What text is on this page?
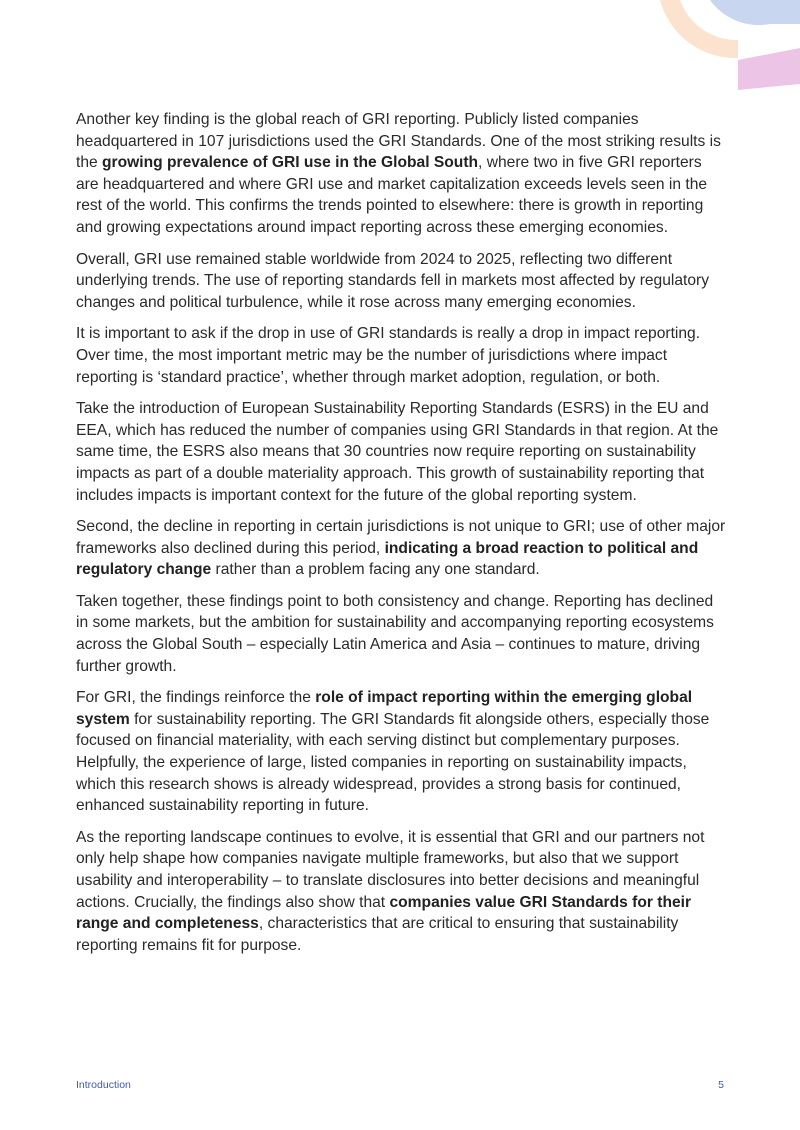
Another key finding is the global reach of GRI reporting. Publicly listed companies headquartered in 107 jurisdictions used the GRI Standards. One of the most striking results is the growing prevalence of GRI use in the Global South, where two in five GRI reporters are headquartered and where GRI use and market capitalization exceeds levels seen in the rest of the world. This confirms the trends pointed to elsewhere: there is growth in reporting and growing expectations around impact reporting across these emerging economies.

Overall, GRI use remained stable worldwide from 2024 to 2025, reflecting two different underlying trends. The use of reporting standards fell in markets most affected by regulatory changes and political turbulence, while it rose across many emerging economies.

It is important to ask if the drop in use of GRI standards is really a drop in impact reporting. Over time, the most important metric may be the number of jurisdictions where impact reporting is ‘standard practice’, whether through market adoption, regulation, or both.

Take the introduction of European Sustainability Reporting Standards (ESRS) in the EU and EEA, which has reduced the number of companies using GRI Standards in that region. At the same time, the ESRS also means that 30 countries now require reporting on sustainability impacts as part of a double materiality approach. This growth of sustainability reporting that includes impacts is important context for the future of the global reporting system.

Second, the decline in reporting in certain jurisdictions is not unique to GRI; use of other major frameworks also declined during this period, indicating a broad reaction to political and regulatory change rather than a problem facing any one standard.

Taken together, these findings point to both consistency and change. Reporting has declined in some markets, but the ambition for sustainability and accompanying reporting ecosystems across the Global South – especially Latin America and Asia – continues to mature, driving further growth.

For GRI, the findings reinforce the role of impact reporting within the emerging global system for sustainability reporting. The GRI Standards fit alongside others, especially those focused on financial materiality, with each serving distinct but complementary purposes. Helpfully, the experience of large, listed companies in reporting on sustainability impacts, which this research shows is already widespread, provides a strong basis for continued, enhanced sustainability reporting in future.

As the reporting landscape continues to evolve, it is essential that GRI and our partners not only help shape how companies navigate multiple frameworks, but also that we support usability and interoperability – to translate disclosures into better decisions and meaningful actions. Crucially, the findings also show that companies value GRI Standards for their range and completeness, characteristics that are critical to ensuring that sustainability reporting remains fit for purpose.

Introduction	5
